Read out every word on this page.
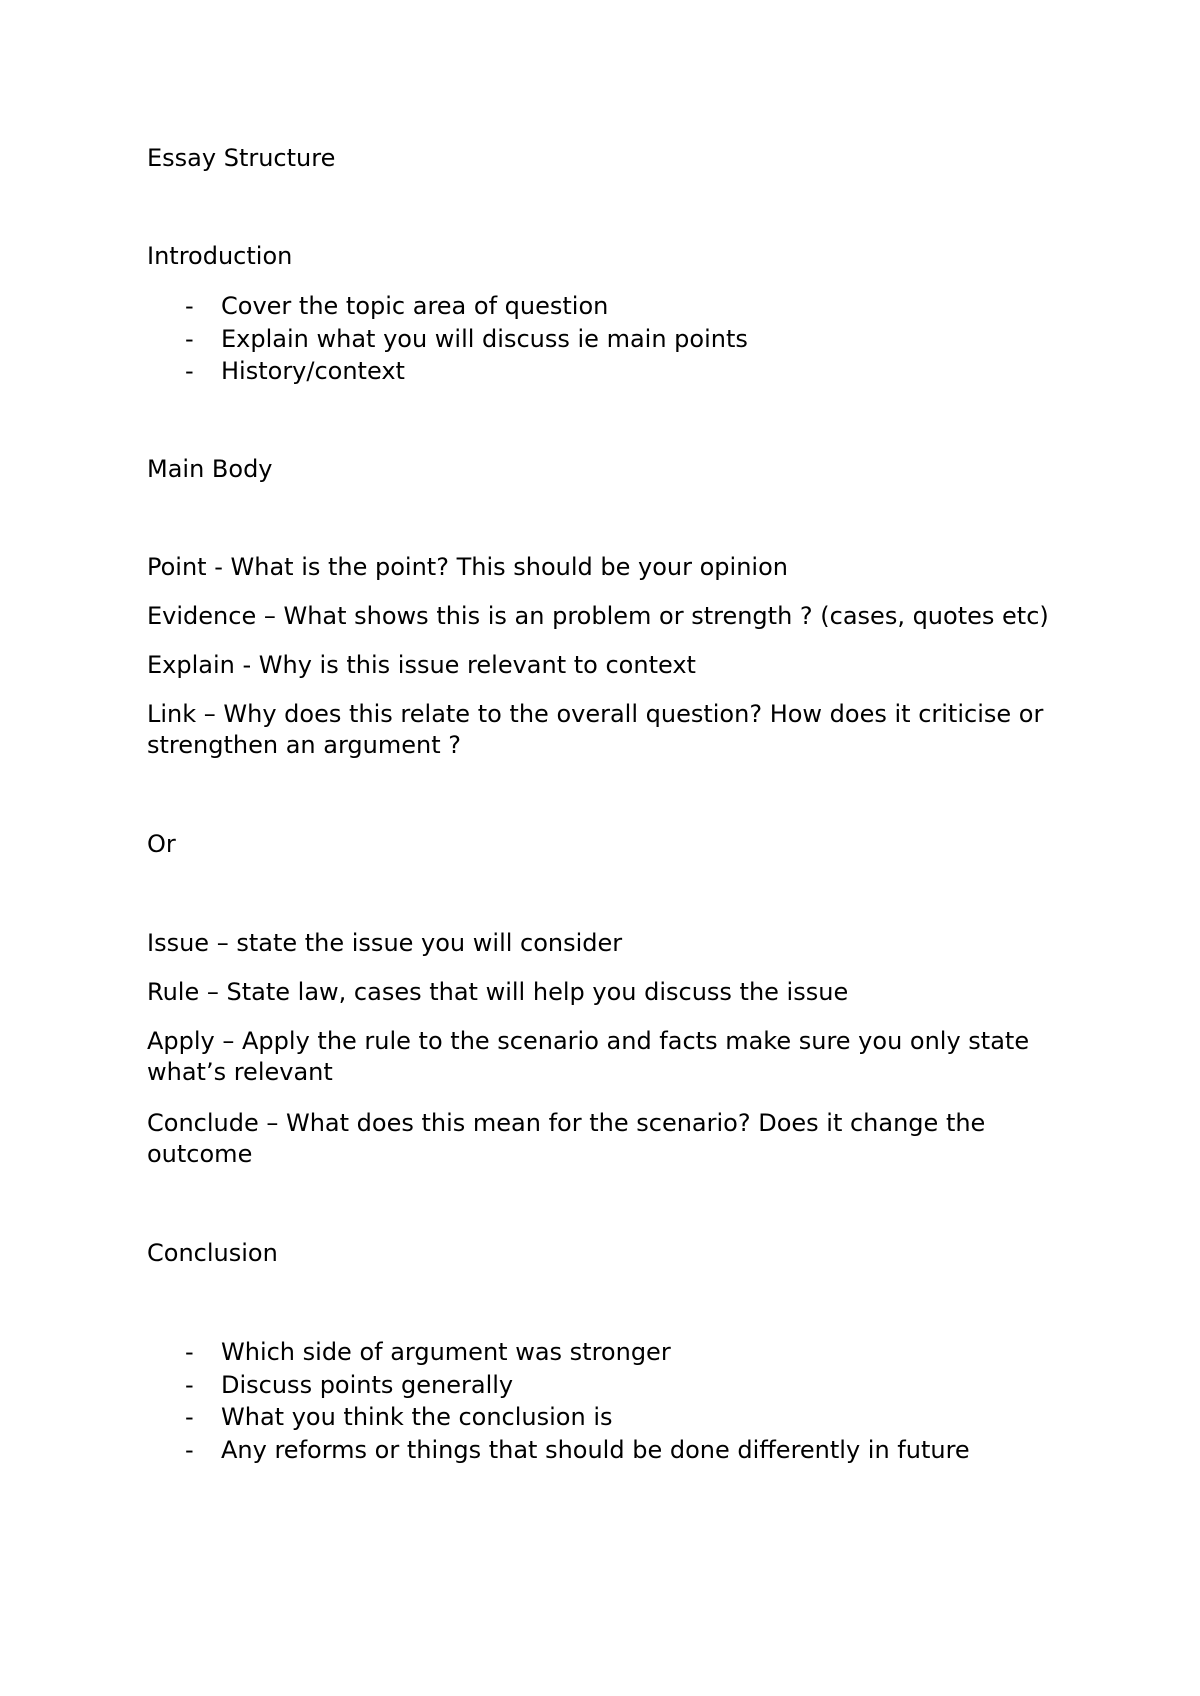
Essay Structure
Introduction
- Cover the topic area of question
- Explain what you will discuss ie main points
- History/context
Main Body
Point - What is the point? This should be your opinion
Evidence – What shows this is an problem or strength ? (cases, quotes etc)
Explain - Why is this issue relevant to context
Link – Why does this relate to the overall question? How does it criticise or strengthen an argument ?
Or
Issue – state the issue you will consider
Rule – State law, cases that will help you discuss the issue
Apply – Apply the rule to the scenario and facts make sure you only state what’s relevant
Conclude – What does this mean for the scenario? Does it change the outcome
Conclusion
- Which side of argument was stronger
- Discuss points generally
- What you think the conclusion is
- Any reforms or things that should be done differently in future
